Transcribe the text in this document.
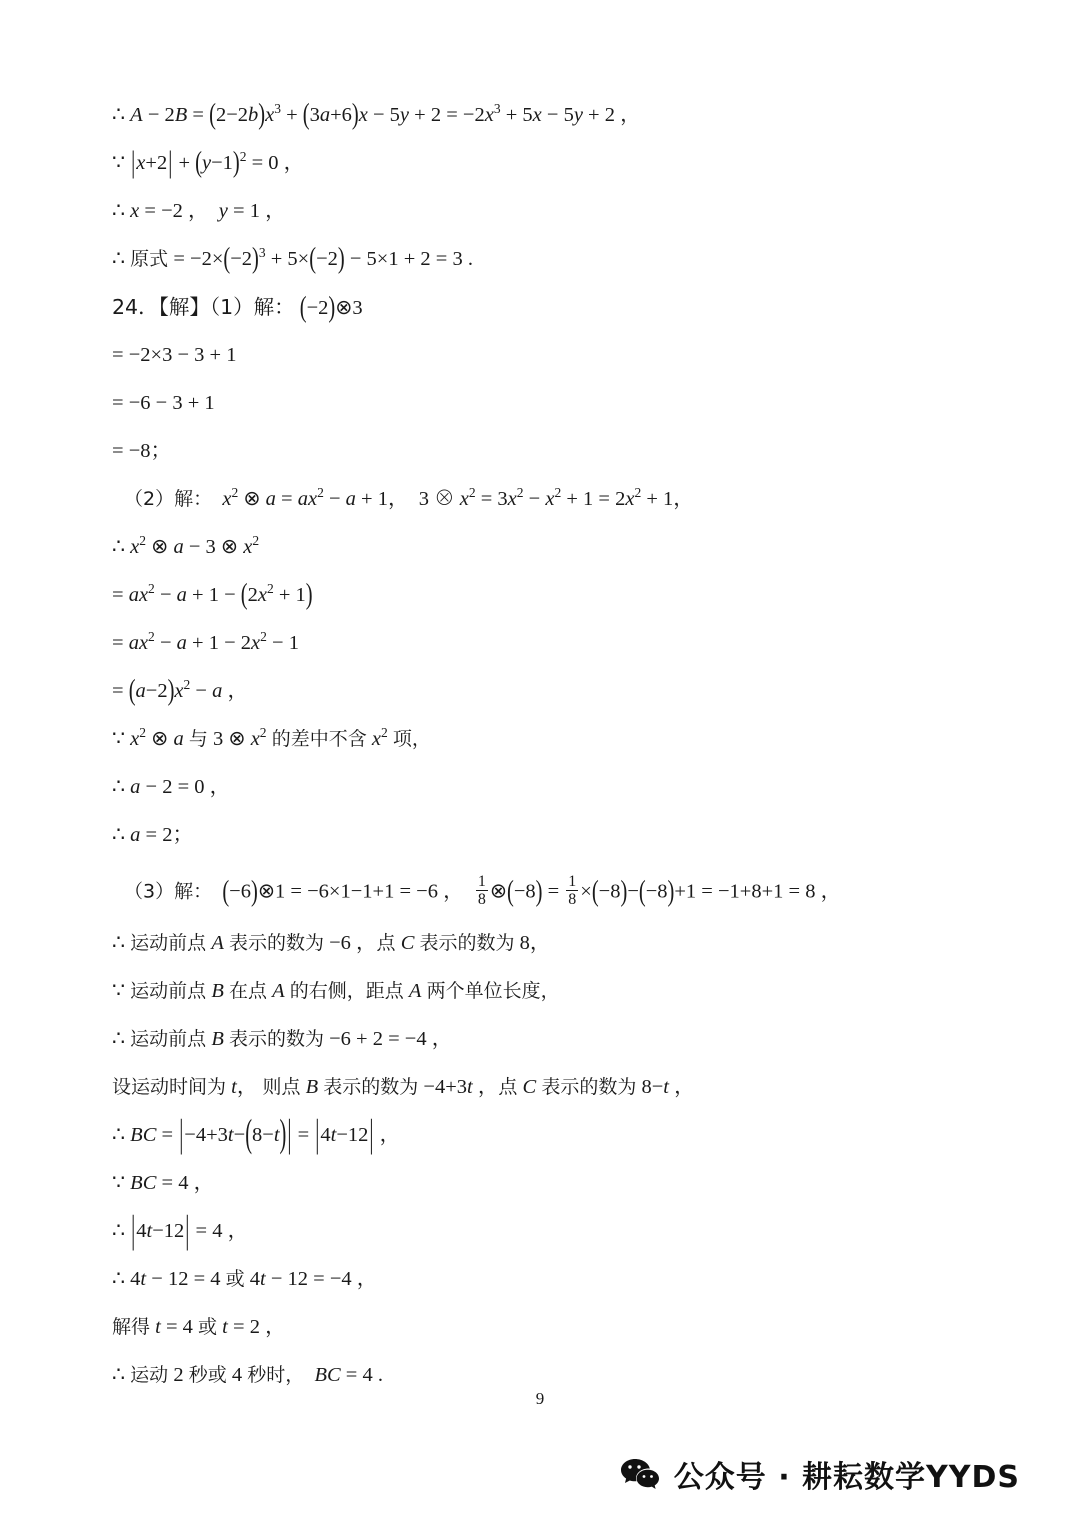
∴ $A - 2B = (2-2b)x^3 + (3a+6)x - 5y + 2 = -2x^3 + 5x - 5y + 2$ ，
∵ $|x+2| + (y-1)^2 = 0$ ，
∴ x = −2 ，  y = 1 ，
∴ 原式 = $-2\times(-2)^3 + 5\times(-2) - 5\times 1 + 2 = 3$ .
24．【解】（1）解： (−2)⊗3
= −2×3 − 3 + 1
= −6 − 3 + 1
= −8；
（2）解： $x^2$ ⊗ $a = ax^2 - a + 1$，  3 ⊗ $x^2 = 3x^2 - x^2 + 1 = 2x^2 + 1$，
∴ $x^2$ ⊗ a − 3 ⊗ $x^2$
= $ax^2 - a + 1 - (2x^2 + 1)$
= $ax^2 - a + 1 - 2x^2 - 1$
= $(a-2)x^2 - a$ ，
∵ $x^2$ ⊗ a 与 3 ⊗ $x^2$ 的差中不含 $x^2$ 项，
∴ a − 2 = 0 ，
∴ a = 2；
（3）解： (−6)⊗1 = −6×1−1+1 = −6 ， $\frac{1}{8}$ ⊗(−8) = $\frac{1}{8} \times(-8)-(-8)+1 = -1+8+1 = 8$ ，
∴ 运动前点 A 表示的数为 −6 ，点 C 表示的数为 8，
∵ 运动前点 B 在点 A 的右侧，距点 A 两个单位长度，
∴ 运动前点 B 表示的数为 −6 + 2 = −4 ，
设运动时间为 t， 则点 B 表示的数为 −4+3t ，点 C 表示的数为 8−t ，
∴ BC = |−4+3t−(8−t)| = |4t−12| ，
∵ BC = 4 ，
∴ |4t−12| = 4 ，
∴ 4t − 12 = 4 或 4t − 12 = −4 ，
解得 t = 4 或 t = 2 ，
∴ 运动 2 秒或 4 秒时， BC = 4 .
9
公众号 · 耕耘数学YYDS
